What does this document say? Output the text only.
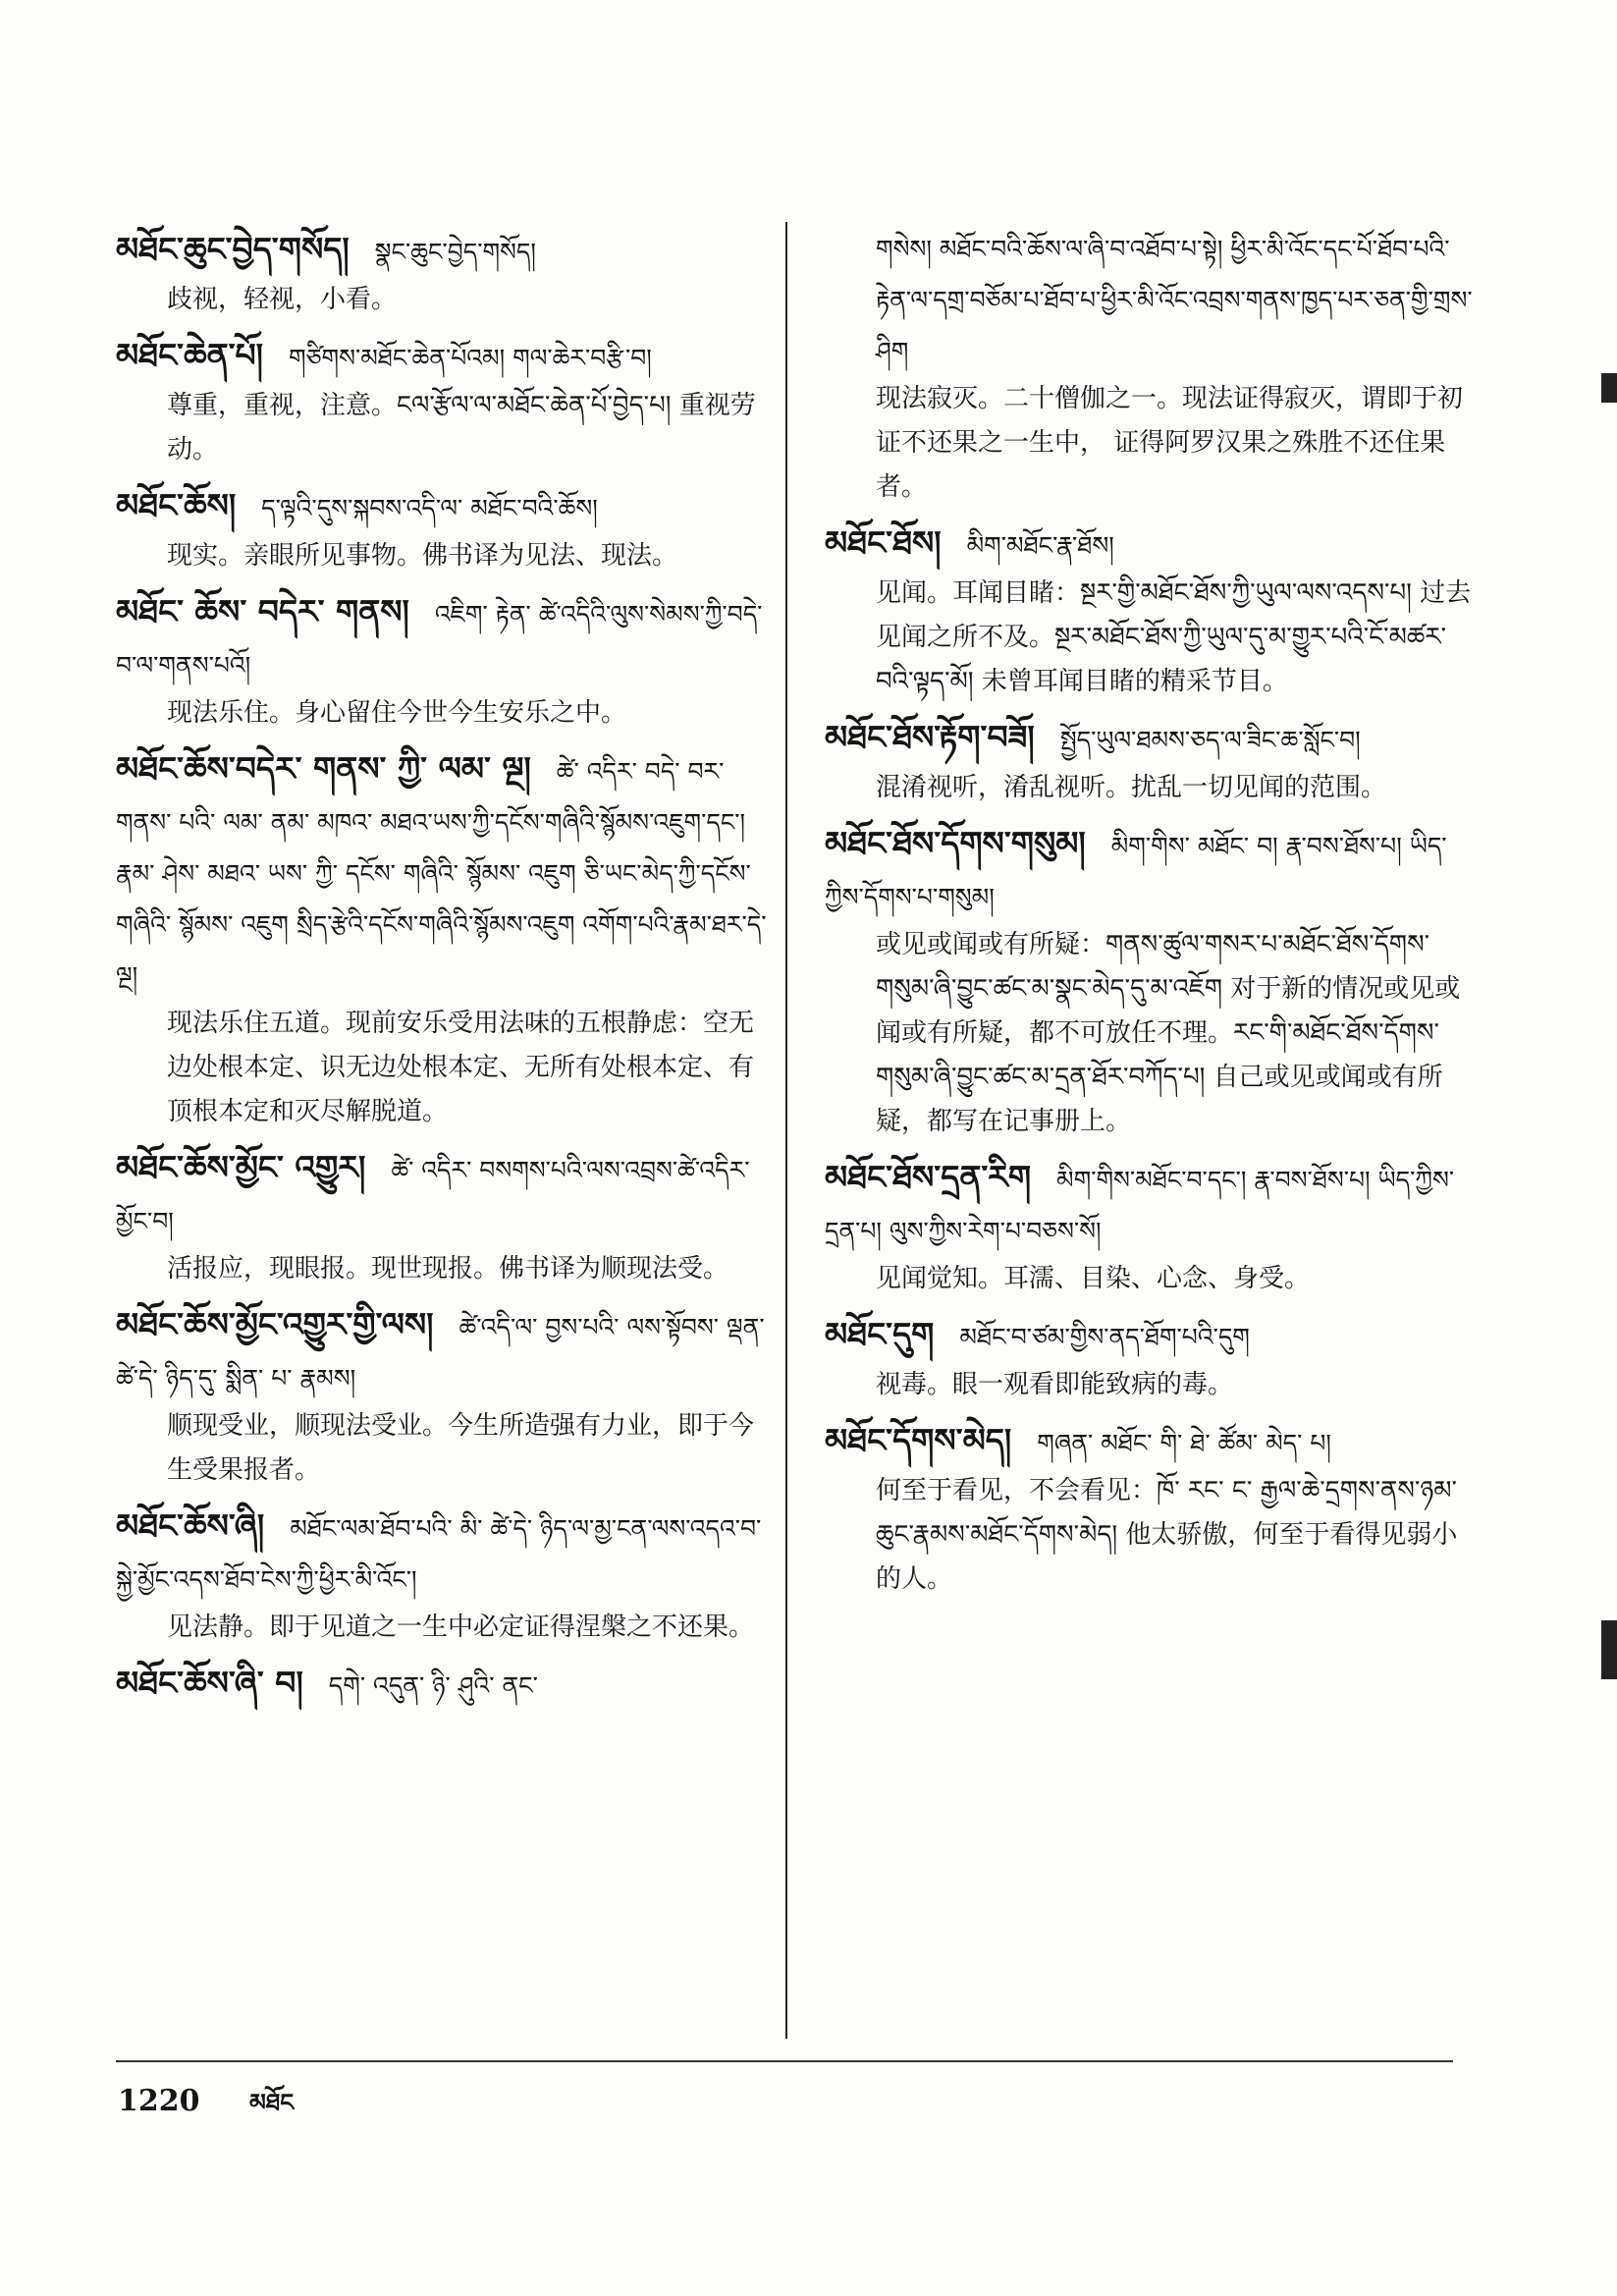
མཐོང་ཆུང་བྱེད་གསོད། སྣང་ཆུང་བྱེད་གསོད།
歧视，轻视，小看。
མཐོང་ཆེན་པོ། གཙིགས་མཐོང་ཆེན་པོའམ། གལ་ཆེར་བརྩི་བ།
尊重，重视，注意。ངལ་རྩོལ་ལ་མཐོང་ཆེན་པོ་བྱེད་པ། 重视劳动。
མཐོང་ཆོས། ད་ལྟའི་དུས་སྐབས་འདི་ལ་ མཐོང་བའི་ཆོས།
现实。亲眼所见事物。佛书译为见法、现法。
མཐོང་ ཆོས་ བདེར་ གནས། འཇིག་ རྟེན་ ཚེ་འདིའི་ལུས་སེམས་ཀྱི་བདེ་བ་ལ་གནས་པའོ།
现法乐住。身心留住今世今生安乐之中。
མཐོང་ཆོས་བདེར་ གནས་ ཀྱི་ ལམ་ ལྔ། ཚེ་ འདིར་ བདེ་ བར་ གནས་ པའི་ ལམ་ ནམ་ མཁའ་ མཐའ་ཡས་ཀྱི་དངོས་གཞིའི་སྙོམས་འཇུག་དང་། རྣམ་ ཤེས་ མཐའ་ ཡས་ ཀྱི་ དངོས་ གཞིའི་ སྙོམས་ འཇུག ཅི་ཡང་མེད་ཀྱི་དངོས་གཞིའི་ སྙོམས་ འཇུག སྲིད་རྩེའི་དངོས་གཞིའི་སྙོམས་འཇུག འགོག་པའི་རྣམ་ཐར་དེ་ལྔ།
现法乐住五道。现前安乐受用法味的五根静虑：空无边处根本定、识无边处根本定、无所有处根本定、有顶根本定和灭尽解脱道。
མཐོང་ཆོས་མྱོང་ འགྱུར། ཚེ་ འདིར་ བསགས་པའི་ལས་འབྲས་ཚེ་འདིར་མྱོང་བ།
活报应，现眼报。现世现报。佛书译为顺现法受。
མཐོང་ཆོས་མྱོང་འགྱུར་གྱི་ལས། ཚེ་འདི་ལ་ བྱས་པའི་ ལས་སྟོབས་ ལྡན་ཚེ་དེ་ ཉིད་དུ་ སྨིན་ པ་ རྣམས།
顺现受业，顺现法受业。今生所造强有力业，即于今生受果报者。
མཐོང་ཆོས་ཞི། མཐོང་ལམ་ཐོབ་པའི་ མི་ ཚེ་དེ་ ཉིད་ལ་མྱ་ངན་ལས་འདའ་བ་སྐྱེ་མྱོང་འདས་ཐོབ་ངེས་ཀྱི་ཕྱིར་མི་འོང་།
见法静。即于见道之一生中必定证得涅槃之不还果。
མཐོང་ཆོས་ཞི་ བ། དགེ་ འདུན་ ཉི་ ཤུའི་ ནང་
གསེས། མཐོང་བའི་ཆོས་ལ་ཞི་བ་འཐོབ་པ་སྟེ། ཕྱིར་མི་འོང་དང་པོ་ཐོབ་པའི་རྟེན་ལ་དགྲ་བཅོམ་པ་ཐོབ་པ་ཕྱིར་མི་འོང་འབྲས་གནས་ཁྱད་པར་ཅན་གྱི་གྲས་ཤིག
现法寂灭。二十僧伽之一。现法证得寂灭，谓即于初证不还果之一生中， 证得阿罗汉果之殊胜不还住果者。
མཐོང་ཐོས། མིག་མཐོང་རྣ་ཐོས།
见闻。耳闻目睹：སྔར་གྱི་མཐོང་ཐོས་ཀྱི་ཡུལ་ལས་འདས་པ། 过去见闻之所不及。སྔར་མཐོང་ཐོས་ཀྱི་ཡུལ་དུ་མ་གྱུར་པའི་ངོ་མཚར་བའི་ལྟད་མོ། 未曾耳闻目睹的精采节目。
མཐོང་ཐོས་རྟོག་བཟོ། སྤྱོད་ཡུལ་ཐམས་ཅད་ལ་ཟིང་ཆ་སློང་བ།
混淆视听，淆乱视听。扰乱一切见闻的范围。
མཐོང་ཐོས་དོགས་གསུམ། མིག་གིས་ མཐོང་ བ། རྣ་བས་ཐོས་པ། ཡིད་ཀྱིས་དོགས་པ་གསུམ།
或见或闻或有所疑：གནས་ཚུལ་གསར་པ་མཐོང་ཐོས་དོགས་གསུམ་ཞི་བྱུང་ཚང་མ་སྣང་མེད་དུ་མ་འཇོག 对于新的情况或见或闻或有所疑，都不可放任不理。རང་གི་མཐོང་ཐོས་དོགས་གསུམ་ཞི་བྱུང་ཚང་མ་དྲན་ཐོར་བཀོད་པ། 自己或见或闻或有所疑，都写在记事册上。
མཐོང་ཐོས་དྲན་རིག མིག་གིས་མཐོང་བ་དང་། རྣ་བས་ཐོས་པ། ཡིད་ཀྱིས་དྲན་པ། ལུས་ཀྱིས་རེག་པ་བཅས་སོ།
见闻觉知。耳濡、目染、心念、身受。
མཐོང་དུག མཐོང་བ་ཙམ་གྱིས་ནད་ཐོག་པའི་དུག
视毒。眼一观看即能致病的毒。
མཐོང་དོགས་མེད། གཞན་ མཐོང་ གི་ ཐེ་ ཚོམ་ མེད་ པ།
何至于看见，不会看见：ཁོ་ རང་ ང་ རྒྱལ་ཆེ་དྲགས་ནས་ཉམ་ཆུང་རྣམས་མཐོང་དོགས་མེད། 他太骄傲，何至于看得见弱小的人。
1220 མཐོང
